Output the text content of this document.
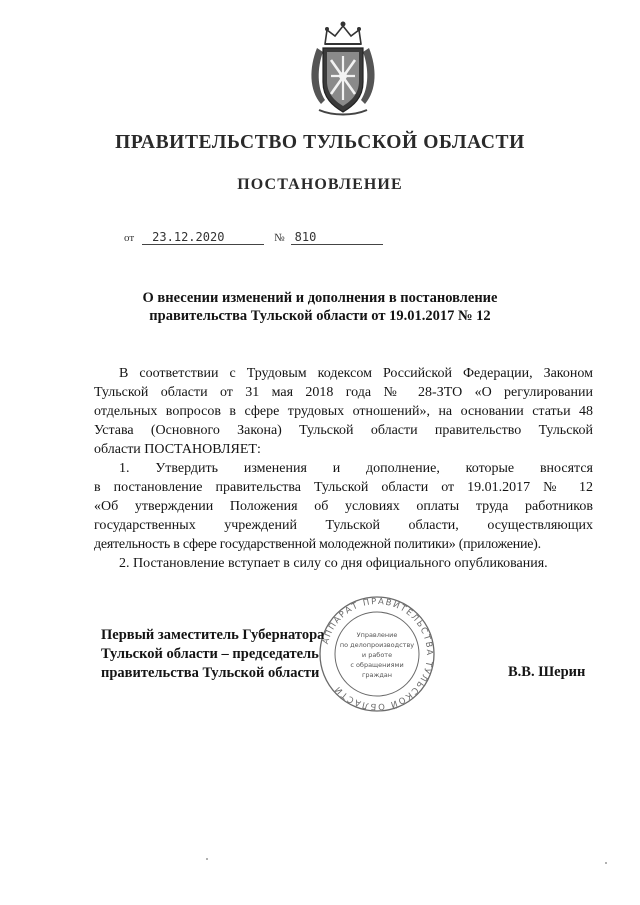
ПРАВИТЕЛЬСТВО ТУЛЬСКОЙ ОБЛАСТИ
ПОСТАНОВЛЕНИЕ
от 23.12.2020	№ 810
О внесении изменений и дополнения в постановление
правительства Тульской области от 19.01.2017 № 12
В соответствии с Трудовым кодексом Российской Федерации, Законом
Тульской области от 31 мая 2018 года № 28-ЗТО «О регулировании
отдельных вопросов в сфере трудовых отношений», на основании статьи 48
Устава (Основного Закона) Тульской области правительство Тульской
области ПОСТАНОВЛЯЕТ:
1.   Утвердить   изменения   и   дополнение,   которые   вносятся
в постановление правительства Тульской области от 19.01.2017 № 12
«Об утверждении Положения об условиях оплаты труда работников
государственных учреждений Тульской области, осуществляющих
деятельность в сфере государственной молодежной политики» (приложение).
2. Постановление вступает в силу со дня официального опубликования.
АППАРАТ ПРАВИТЕЛЬСТВА ТУЛЬСКОЙ ОБЛАСТИ
Управление
по делопроизводству
и работе
с обращениями
граждан
Первый заместитель Губернатора
Тульской области – председатель
правительства Тульской области	В.В. Шерин
